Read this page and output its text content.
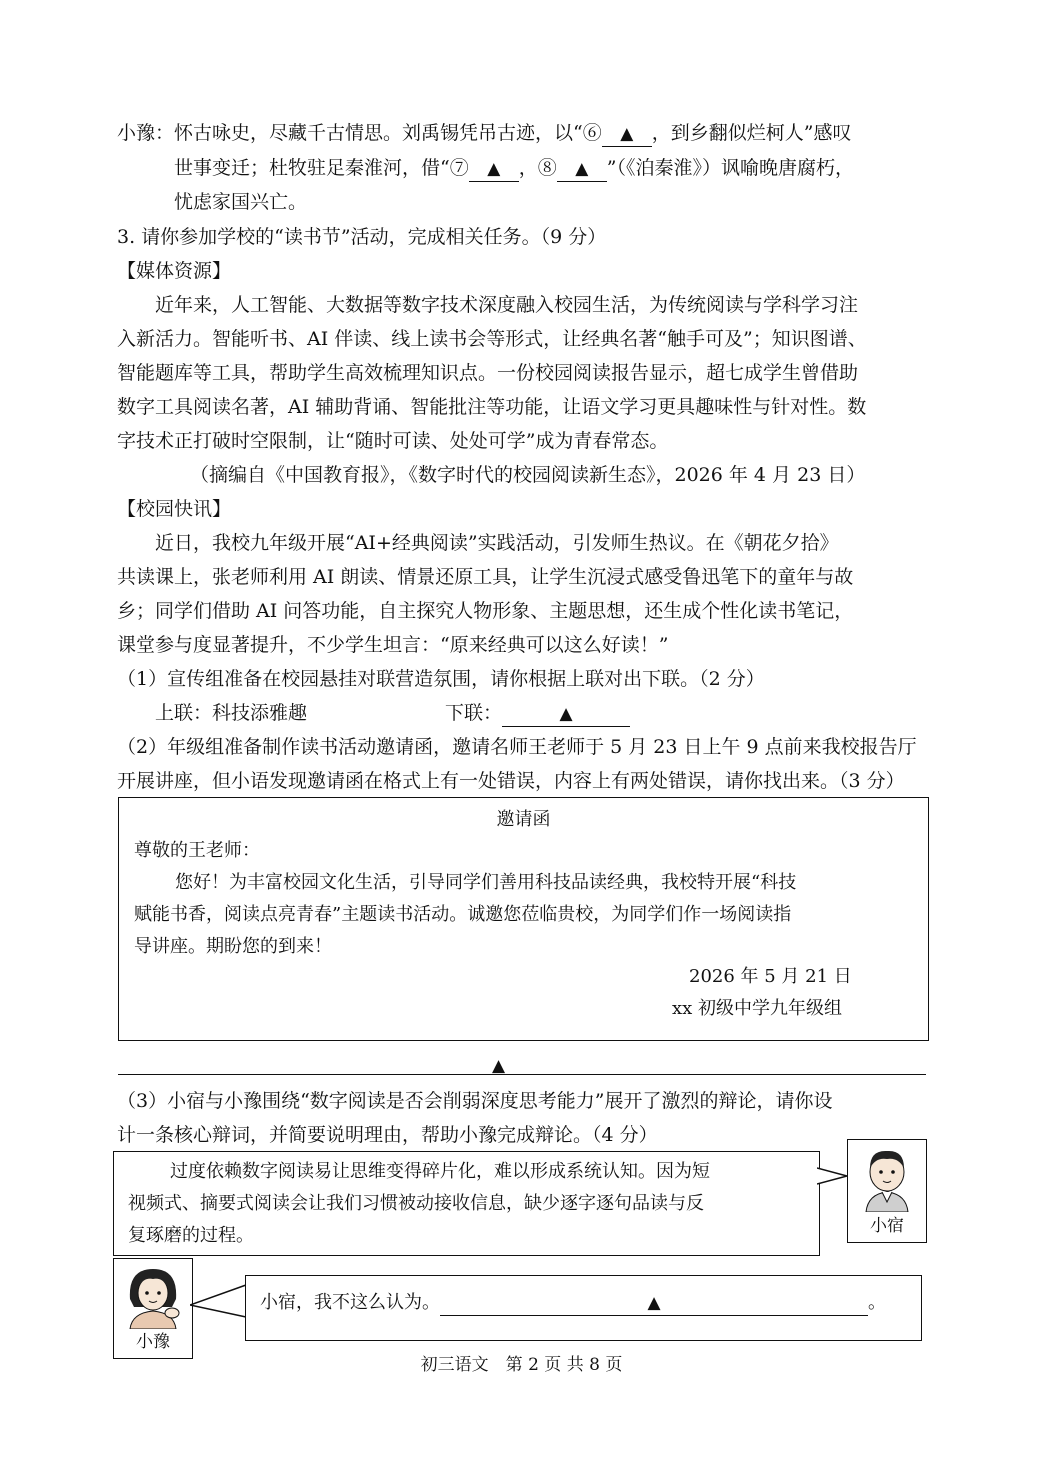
小豫：怀古咏史，尽藏千古情思。刘禹锡凭吊古迹，以“⑥ ▲ ，到乡翻似烂柯人”感叹
世事变迁；杜牧驻足秦淮河，借“⑦ ▲ ，⑧ ▲ ”（《泊秦淮》）讽喻晚唐腐朽，
忧虑家国兴亡。
3. 请你参加学校的“读书节”活动，完成相关任务。（9 分）
【媒体资源】
近年来，人工智能、大数据等数字技术深度融入校园生活，为传统阅读与学科学习注
入新活力。智能听书、AI 伴读、线上读书会等形式，让经典名著“触手可及”；知识图谱、
智能题库等工具，帮助学生高效梳理知识点。一份校园阅读报告显示，超七成学生曾借助
数字工具阅读名著，AI 辅助背诵、智能批注等功能，让语文学习更具趣味性与针对性。数
字技术正打破时空限制，让“随时可读、处处可学”成为青春常态。
（摘编自《中国教育报》，《数字时代的校园阅读新生态》，2026 年 4 月 23 日）
【校园快讯】
近日，我校九年级开展“AI+经典阅读”实践活动，引发师生热议。在《朝花夕拾》
共读课上，张老师利用 AI 朗读、情景还原工具，让学生沉浸式感受鲁迅笔下的童年与故
乡；同学们借助 AI 问答功能，自主探究人物形象、主题思想，还生成个性化读书笔记，
课堂参与度显著提升，不少学生坦言：“原来经典可以这么好读！”
（1）宣传组准备在校园悬挂对联营造氛围，请你根据上联对出下联。（2 分）
上联：科技添雅趣	下联：	▲
（2）年级组准备制作读书活动邀请函，邀请名师王老师于 5 月 23 日上午 9 点前来我校报告厅
开展讲座，但小语发现邀请函在格式上有一处错误，内容上有两处错误，请你找出来。（3 分）
邀请函
尊敬的王老师：
您好！为丰富校园文化生活，引导同学们善用科技品读经典，我校特开展“科技
赋能书香，阅读点亮青春”主题读书活动。诚邀您莅临贵校，为同学们作一场阅读指
导讲座。期盼您的到来！
2026 年 5 月 21 日
xx 初级中学九年级组
▲
（3）小宿与小豫围绕“数字阅读是否会削弱深度思考能力”展开了激烈的辩论，请你设
计一条核心辩词，并简要说明理由，帮助小豫完成辩论。（4 分）
过度依赖数字阅读易让思维变得碎片化，难以形成系统认知。因为短
视频式、摘要式阅读会让我们习惯被动接收信息，缺少逐字逐句品读与反
复琢磨的过程。	小宿
小豫
小宿，我不这么认为。	▲	。
初三语文　第 2 页 共 8 页
